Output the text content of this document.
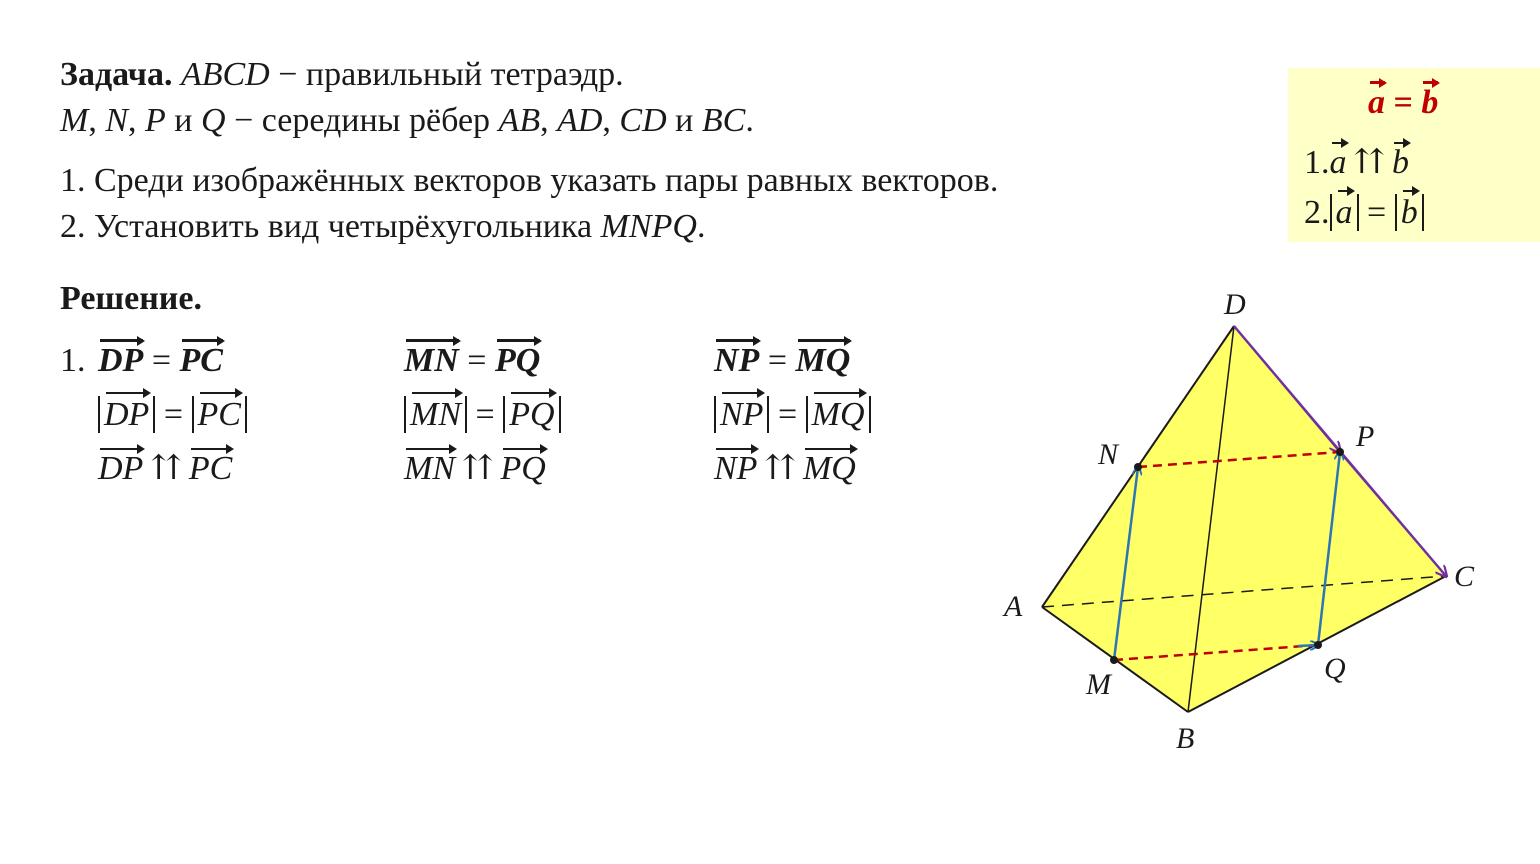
Задача. ABCD − правильный тетраэдр.
M, N, P и Q − середины рёбер AB, AD, CD и BC.
1. Среди изображённых векторов указать пары равных векторов.
2. Установить вид четырёхугольника MNPQ.
a = b
1.a ⇈ b
2. a = b
Решение.
1. DP = PC
DP = PC
DP ⇈ PC
MN = PQ
MN = PQ
MN ⇈ PQ
NP = MQ
NP = MQ
NP ⇈ MQ
D
N
P
A
C
M	Q
B
